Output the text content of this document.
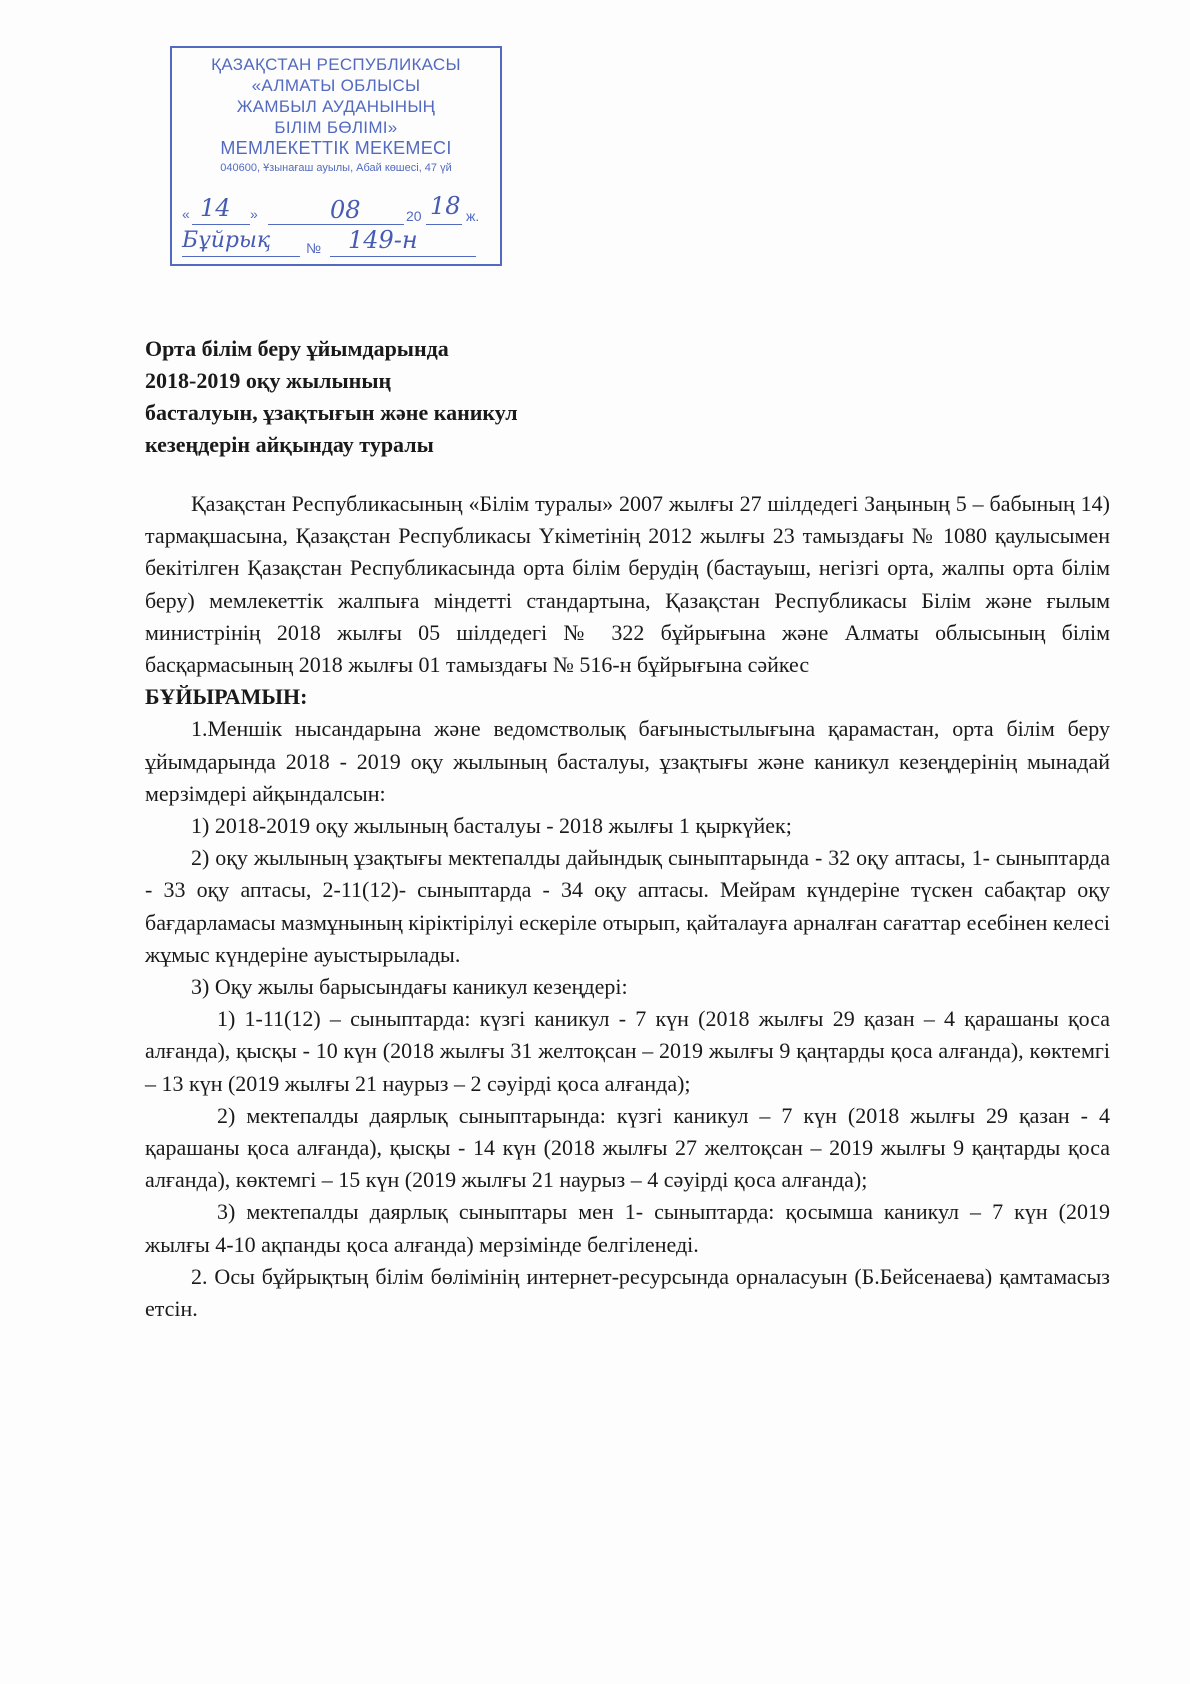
ҚАЗАҚСТАН РЕСПУБЛИКАСЫ
«АЛМАТЫ ОБЛЫСЫ
ЖАМБЫЛ АУДАНЫНЫҢ
БІЛІМ БӨЛІМІ»
МЕМЛЕКЕТТІК МЕКЕМЕСІ
040600, Ұзынағаш ауылы, Абай көшесі, 47 үй
« 14 »	08	20 18 ж.
Бұйрық	№ 149-н
Орта білім беру ұйымдарында
2018-2019 оқу жылының
басталуын, ұзақтығын және каникул
кезеңдерін айқындау туралы

Қазақстан Республикасының «Білім туралы» 2007 жылғы 27 шілдедегі Заңының 5 – бабының 14) тармақшасына, Қазақстан Республикасы Үкіметінің 2012 жылғы 23 тамыздағы № 1080 қаулысымен бекітілген Қазақстан Республикасында орта білім берудің (бастауыш, негізгі орта, жалпы орта білім беру) мемлекеттік жалпыға міндетті стандартына, Қазақстан Республикасы Білім және ғылым министрінің 2018 жылғы 05 шілдедегі № 322 бұйрығына және Алматы облысының білім басқармасының 2018 жылғы 01 тамыздағы № 516-н бұйрығына сәйкес

БҰЙЫРАМЫН:

1.Меншік нысандарына және ведомстволық бағыныстылығына қарамастан, орта білім беру ұйымдарында 2018 - 2019 оқу жылының басталуы, ұзақтығы және каникул кезеңдерінің мынадай мерзімдері айқындалсын:

1) 2018-2019 оқу жылының басталуы - 2018 жылғы 1 қыркүйек;

2) оқу жылының ұзақтығы мектепалды дайындық сыныптарында - 32 оқу аптасы, 1- сыныптарда - 33 оқу аптасы, 2-11(12)- сыныптарда - 34 оқу аптасы. Мейрам күндеріне түскен сабақтар оқу бағдарламасы мазмұнының кіріктірілуі ескеріле отырып, қайталауға арналған сағаттар есебінен келесі жұмыс күндеріне ауыстырылады.

3) Оқу жылы барысындағы каникул кезеңдері:

1) 1-11(12) – сыныптарда: күзгі каникул - 7 күн (2018 жылғы 29 қазан – 4 қарашаны қоса алғанда), қысқы - 10 күн (2018 жылғы 31 желтоқсан – 2019 жылғы 9 қаңтарды қоса алғанда), көктемгі – 13 күн (2019 жылғы 21 наурыз – 2 сәуірді қоса алғанда);

2) мектепалды даярлық сыныптарында: күзгі каникул – 7 күн (2018 жылғы 29 қазан - 4 қарашаны қоса алғанда), қысқы - 14 күн (2018 жылғы 27 желтоқсан – 2019 жылғы 9 қаңтарды қоса алғанда), көктемгі – 15 күн (2019 жылғы 21 наурыз – 4 сәуірді қоса алғанда);

3) мектепалды даярлық сыныптары мен 1- сыныптарда: қосымша каникул – 7 күн (2019 жылғы 4-10 ақпанды қоса алғанда) мерзімінде белгіленеді.

2. Осы бұйрықтың білім бөлімінің интернет-ресурсында орналасуын (Б.Бейсенаева) қамтамасыз етсін.
